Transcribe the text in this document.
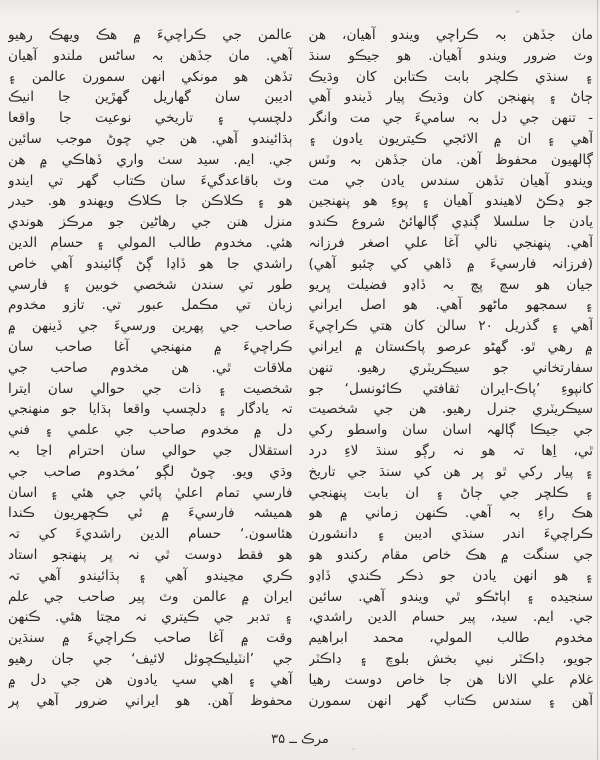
مان جڏهن بہ ڪراچي ويندو آهيان، هن
وٽ ضرور ويندو آهيان. هو جيڪو سنڌ
۽ سنڌي ڪلچر بابت ڪتابن کان وڌيڪ
ڄاڻ ۽ پنهنجن کان وڌيڪ پيار ڏيندو آهي
- تنهن جي دل بہ ساميءَ جي مت وانگر
آهي ۽ ان ۾ الائجي ڪيتريون يادون ۽
ڳالهيون محفوظ آهن. مان جڏهن بہ وٽس
ويندو آهيان تڏهن سندس يادن جي مت
جو ڍڪڻ لاهيندو آهيان ۽ پوءِ هو پنهنجين
يادن جا سلسلا ڳنڍي ڳالهائڻ شروع ڪندو
آهي. پنهنجي نالي آغا علي اصغر فرزانہ
(فرزانہ فارسيءَ ۾ ڏاهي کي چئبو آهي)
جيان هو سچ پچ بہ ڏاڍو فضيلت ڀريو
۽ سمجهو ماڻهو آهي. هو اصل ايراني
آهي ۽ گذريل ۲۰ سالن کان هتي ڪراچيءَ
۾ رهي ٿو. گهڻو عرصو پاڪستان ۾ ايراني
سفارتخاني جو سيڪريٽري رهيو. تنهن
کانپوءِ ’پاڪ-ايران ثقافتي ڪائونسل‘ جو
سيڪريٽري جنرل رهيو. هن جي شخصيت
جي جيڪا ڳالهہ اسان سان واسطو رکي
ٿي، اِها تہ هو نہ رڳو سنڌ لاءِ درد
۽ پيار رکي ٿو پر هن کي سنڌ جي تاريخ
۽ ڪلچر جي ڄاڻ ۽ ان بابت پنهنجي
هڪ راءِ بہ آهي. ڪنهن زماني ۾ هو
ڪراچيءَ اندر سنڌي اديبن ۽ دانشورن
جي سنگت ۾ هڪ خاص مقام رکندو هو
۽ هو انهن يادن جو ذڪر ڪندي ڏاڍو
سنجيده ۽ اٻاڻڪو ٿي ويندو آهي. سائين
جي. ايم. سيد، پير حسام الدين راشدي،
مخدوم طالب المولي، محمد ابراهيم
جويو، ڊاڪٽر نبي بخش بلوچ ۽ ڊاڪٽر
غلام علي الانا هن جا خاص دوست رهيا
آهن ۽ سندس ڪتاب گهر انهن سمورن
عالمن جي ڪراچيءَ ۾ هڪ ويهڪ رهيو
آهي. مان جڏهن بہ ساڻس ملندو آهيان
تڏهن هو مونکي انهن سمورن عالمن ۽
اديبن سان گهاريل گهڙين جا انيڪ
دلچسپ ۽ تاريخي نوعيت جا واقعا
ٻڌائيندو آهي. هن جي چوڻ موجب سائين
جي. ايم. سيد سٺ واري ڏهاڪي ۾ هن
وٽ باقاعدگيءَ سان ڪتاب گهر تي ايندو
هو ۽ ڪلاڪن جا ڪلاڪ ويهندو هو. حيدر
منزل هنن جي رهاڻين جو مرڪز هوندي
هئي. مخدوم طالب المولي ۽ حسام الدين
راشدي جا هو ڏاڍا ڳڻ ڳائيندو آهي خاص
طور تي سندن شخصي خوبين ۽ فارسي
زبان تي مڪمل عبور تي. تازو مخدوم
صاحب جي پهرين ورسيءَ جي ڏينهن ۾
ڪراچيءَ ۾ منهنجي آغا صاحب سان
ملاقات ٿي. هن مخدوم صاحب جي
شخصيت ۽ ذات جي حوالي سان ايترا
تہ يادگار ۽ دلچسپ واقعا ٻڌايا جو منهنجي
دل ۾ مخدوم صاحب جي علمي ۽ فني
استقلال جي حوالي سان احترام اڃا بہ
وڌي ويو. چوڻ لڳو ’مخدوم صاحب جي
فارسي تمام اعليٰ پائي جي هئي ۽ اسان
هميشہ فارسيءَ ۾ ئي ڪچهريون ڪندا
هئاسون.‘ حسام الدين راشديءَ کي تہ
هو فقط دوست ٿي نہ پر پنهنجو استاد
ڪري مڃيندو آهي ۽ ٻڌائيندو آهي تہ
ايران ۾ عالمن وٽ پير صاحب جي علم
۽ تدبر جي ڪيتري نہ مڃتا هئي. ڪنهن
وقت ۾ آغا صاحب ڪراچيءَ ۾ سنڌين
جي ’انٽيليڪچوئل لائيف‘ جي جان رهيو
آهي ۽ اهي سڀ يادون هن جي دل ۾
محفوظ آهن. هو ايراني ضرور آهي پر
مرڪ ــ ۳۵
